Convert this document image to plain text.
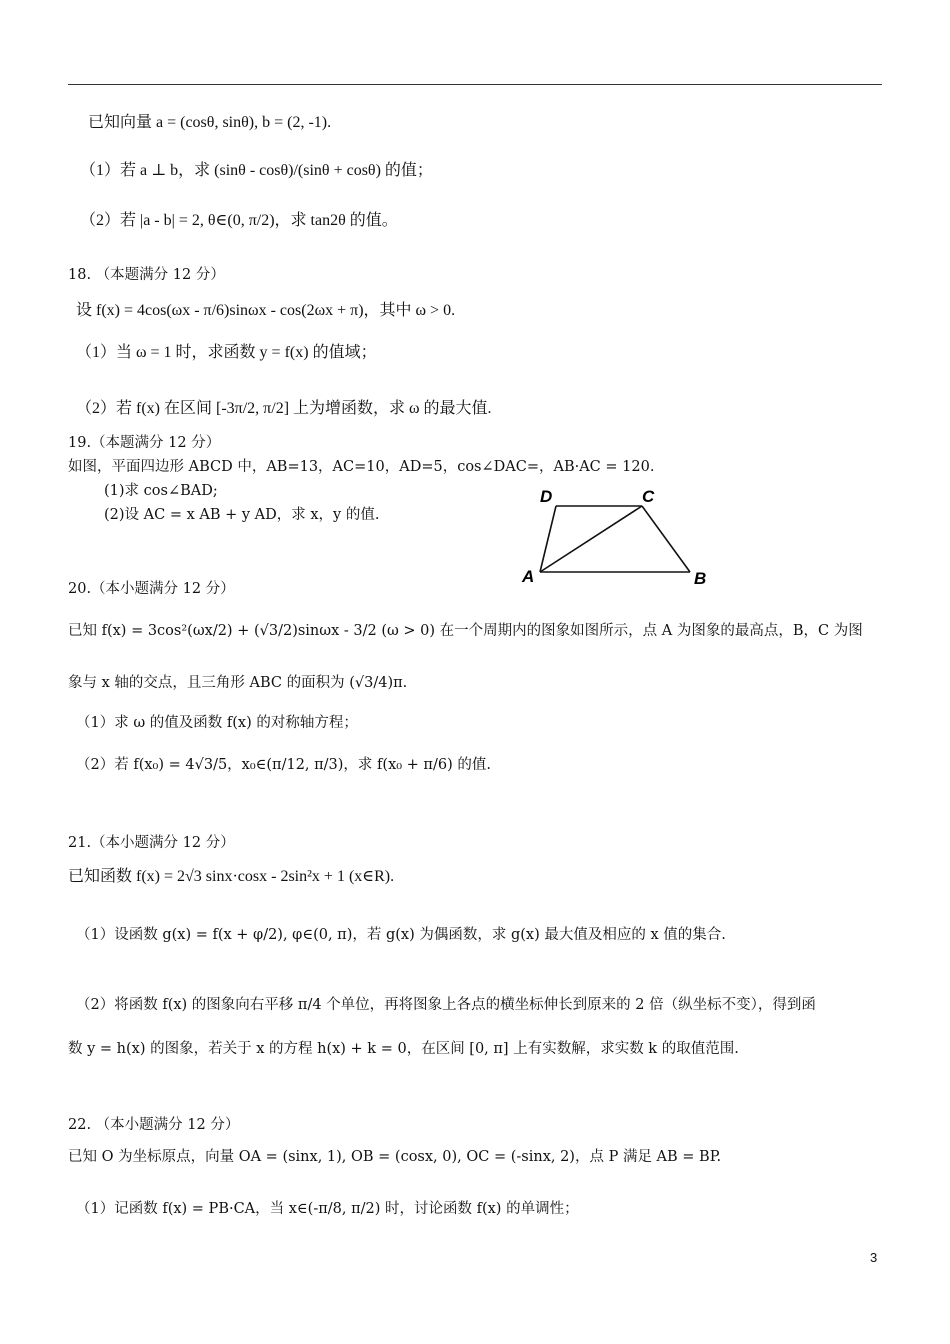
已知向量 a = (cosθ, sinθ), b = (2, -1).
（1）若 a ⊥ b，求 (sinθ - cosθ)/(sinθ + cosθ) 的值；
（2）若 |a - b| = 2, θ∈(0, π/2)，求 tan2θ 的值。
18. （本题满分 12 分）
设 f(x) = 4cos(ωx - π/6)sinωx - cos(2ωx + π)，其中 ω > 0.
（1）当 ω = 1 时，求函数 y = f(x) 的值域；
（2）若 f(x) 在区间 [-3π/2, π/2] 上为增函数，求 ω 的最大值.
19.（本题满分 12 分）
如图，平面四边形 ABCD 中，AB=13，AC=10，AD=5，cos∠DAC=，AB·AC = 120.
(1)求 cos∠BAD;
(2)设 AC = x AB + y AD，求 x，y 的值.
A	B
C
D
20.（本小题满分 12 分）
已知 f(x) = 3cos²(ωx/2) + (√3/2)sinωx - 3/2 (ω > 0) 在一个周期内的图象如图所示，点 A 为图象的最高点，B，C 为图
象与 x 轴的交点，且三角形 ABC 的面积为 (√3/4)π.
（1）求 ω 的值及函数 f(x) 的对称轴方程；
（2）若 f(x₀) = 4√3/5，x₀∈(π/12, π/3)，求 f(x₀ + π/6) 的值.
21.（本小题满分 12 分）
已知函数 f(x) = 2√3 sinx·cosx - 2sin²x + 1 (x∈R).
（1）设函数 g(x) = f(x + φ/2), φ∈(0, π)，若 g(x) 为偶函数，求 g(x) 最大值及相应的 x 值的集合.
（2）将函数 f(x) 的图象向右平移 π/4 个单位，再将图象上各点的横坐标伸长到原来的 2 倍（纵坐标不变），得到函
数 y = h(x) 的图象，若关于 x 的方程 h(x) + k = 0，在区间 [0, π] 上有实数解，求实数 k 的取值范围.
22. （本小题满分 12 分）
已知 O 为坐标原点，向量 OA = (sinx, 1), OB = (cosx, 0), OC = (-sinx, 2)，点 P 满足 AB = BP.
（1）记函数 f(x) = PB·CA，当 x∈(-π/8, π/2) 时，讨论函数 f(x) 的单调性；
3
